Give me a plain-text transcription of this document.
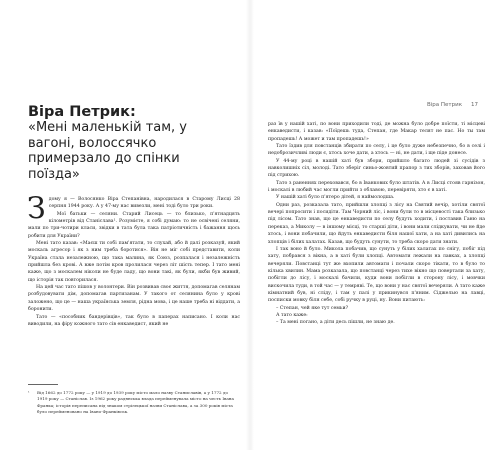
Віра Петрик:
«Мені маленькій там, у вагоні, волоссячко примерзало до спінки поїзда»

Здому я — Волосянко Віра Степанівна, народилася в Старому Лисці 28 серпня 1944 року. А у 47-му нас вивезли, мені тоді було три роки.

Мої батьки — селяни. Старий Лисець — то близько, п'ятнадцять кілометрів від Станіслава¹. Розумієте, я собі думаю: то не освічені селяни, мали по три-чотири класи, звідки в тата була така патріотичність і бажання щось робити для України?

Мені тато казав: «Маєш ти собі пам'ятати, то слухай, або й далі розказуй, який москаль агресор і як з ним треба боротися». Він не міг собі представити, коли Україна стала незалежною, що така малина, як Союз, розпалася і незалежність прийшла без крові. А вже потім кров пролилася через літ шість тепер. І тато мені каже, що з москалем ніколи не буде ладу, що вони такі, як були, якби був живий, що історія так повторилася.

На цей час тато пішов у волонтери. Він розвивав своє життя, допомагав селянам розбудовувати дім, допомагав партизанам. У такого от селянина було у крові заложено, що це — наша українська земля, рідна мова, і це наше треба ні віддати, а боронити.

Тато — «пособник бандерівців», так було в паперах написано. І коли нас виводили, на фіру кожного тато сів енкаведист, який не

¹ Від 1662 до 1772 року — у 1919 до 1939 року місто мало назву Станиславів, а у 1772 до 1919 року — Станіслав. Із 1962 року радянська влада перейменувала місто на честь Івана Франка; історія переписана під знаком стрілецької назви Станіслава, а за 300 років міста було перейменовано на Івано-Франківськ.
Віра Петрик 17

раз їв у нашій хаті, по вони приходили тоді, де можна було добре поїсти, ті місцеві енкаведисти, і казав: «Поїдешь туда, Степан, где Макар телят не пас. Но ты там пропадешь! А может и там пропадешь!»

Тато їздив для повстанців збирати по селу, і це було дуже небезпечно, бо в селі і недоброзичливі люди є, хтось хоче дати, а хтось — ні, не дати, і ще піде донесе.

У 44-му році в нашій хаті був збори, прийшло багато людей зі сусідів з навколишніх сіл, молоді. Тато зберіг синьо-жовтий прапор з тих зборів, заховав його під стрихою.

Тато з раненнях переховався, бо в Іванкових було штатів. А в Лисці стояв гарнізон, і москалі в любий час могли прийти з облавою, перевіряти, хто є в хаті.

У нашій хаті було п'ятеро дітей, я наймолодша.

Одни раз, розказала тато, прийшли хлопці з лісу на Святий вечір, хотіли святої вечері попросити і посидіти. Там Чорний ліс, і вони були то в місцевості така близько під лісом. Тато знав, що це енкаведисти по селу будуть ходити, і поставив Ганю на переказ, а Миколу — в іншому місці, то старші діти, і вони мали слідкувати, чи не йде хтось, і вони побачили, що йдуть енкаведисти біля нашої хати, а на хаті дивились на хлопців і білих халатах. Казав, що будуть сунути, то треба скоро дати знати.

І так воно й було. Микола побачив, що сунуть у білих халатах по снігу, побіг під хату, побрався з вікна, а в хаті були хлопці. Автомати лежали на лавках, а хлопці вечеряли. Повстанці тут же вхопили автомати і почали скоро тікати, то в було то кілька хвилин. Мама розказала, що повстанці через тихе вікно що повертали за хату, побігли до лісу, і москалі бачили, куди вони побігли в сторону лісу, і мовчки вискочила туди, в той час — у темряві. Те, що вони у нас святої вечеряли. А тато каже кімнатний був, ні сліду, і там у палі у прикинувся п'яним. Сіджелью на лавці, посписки мовку біля себе, собі ручку в руці, ну. Вони питають:

– Степан, чей яке тут семьи?

А тато каже:

– Та мені погано, а діти десь пішли, не знаю де.
